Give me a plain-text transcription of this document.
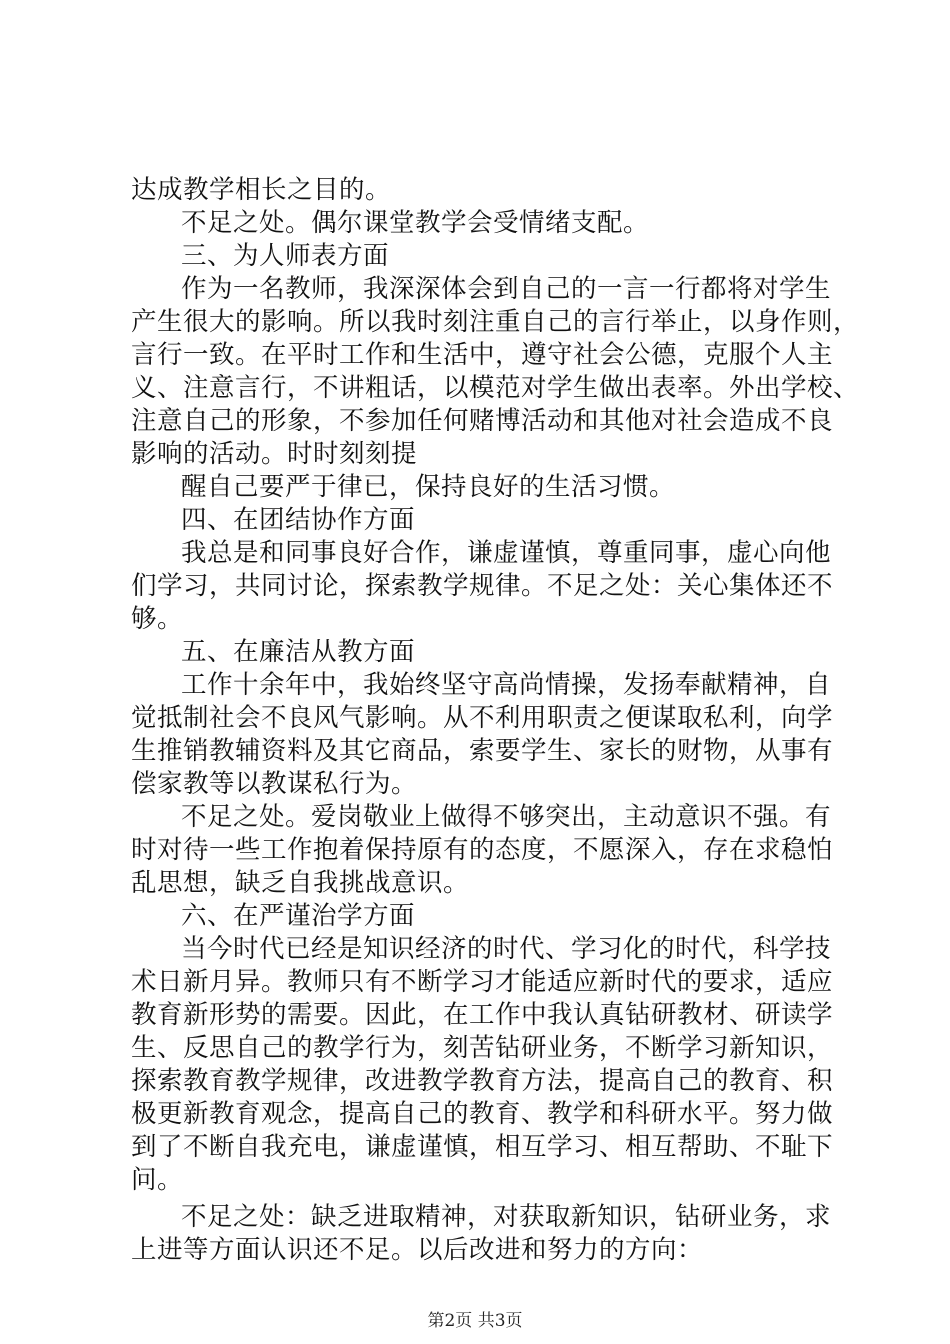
达成教学相长之目的。
不足之处。偶尔课堂教学会受情绪支配。
三、为人师表方面
作为一名教师，我深深体会到自己的一言一行都将对学生
产生很大的影响。所以我时刻注重自己的言行举止，以身作则，
言行一致。在平时工作和生活中，遵守社会公德，克服个人主
义、注意言行，不讲粗话，以模范对学生做出表率。外出学校、
注意自己的形象，不参加任何赌博活动和其他对社会造成不良
影响的活动。时时刻刻提
醒自己要严于律已，保持良好的生活习惯。
四、在团结协作方面
我总是和同事良好合作，谦虚谨慎，尊重同事，虚心向他
们学习，共同讨论，探索教学规律。不足之处：关心集体还不
够。
五、在廉洁从教方面
工作十余年中，我始终坚守高尚情操，发扬奉献精神，自
觉抵制社会不良风气影响。从不利用职责之便谋取私利，向学
生推销教辅资料及其它商品，索要学生、家长的财物，从事有
偿家教等以教谋私行为。
不足之处。爱岗敬业上做得不够突出，主动意识不强。有
时对待一些工作抱着保持原有的态度，不愿深入，存在求稳怕
乱思想，缺乏自我挑战意识。
六、在严谨治学方面
当今时代已经是知识经济的时代、学习化的时代，科学技
术日新月异。教师只有不断学习才能适应新时代的要求，适应
教育新形势的需要。因此，在工作中我认真钻研教材、研读学
生、反思自己的教学行为，刻苦钻研业务，不断学习新知识，
探索教育教学规律，改进教学教育方法，提高自己的教育、积
极更新教育观念，提高自己的教育、教学和科研水平。努力做
到了不断自我充电，谦虚谨慎，相互学习、相互帮助、不耻下
问。
不足之处：缺乏进取精神，对获取新知识，钻研业务，求
上进等方面认识还不足。以后改进和努力的方向：
第2页 共3页
